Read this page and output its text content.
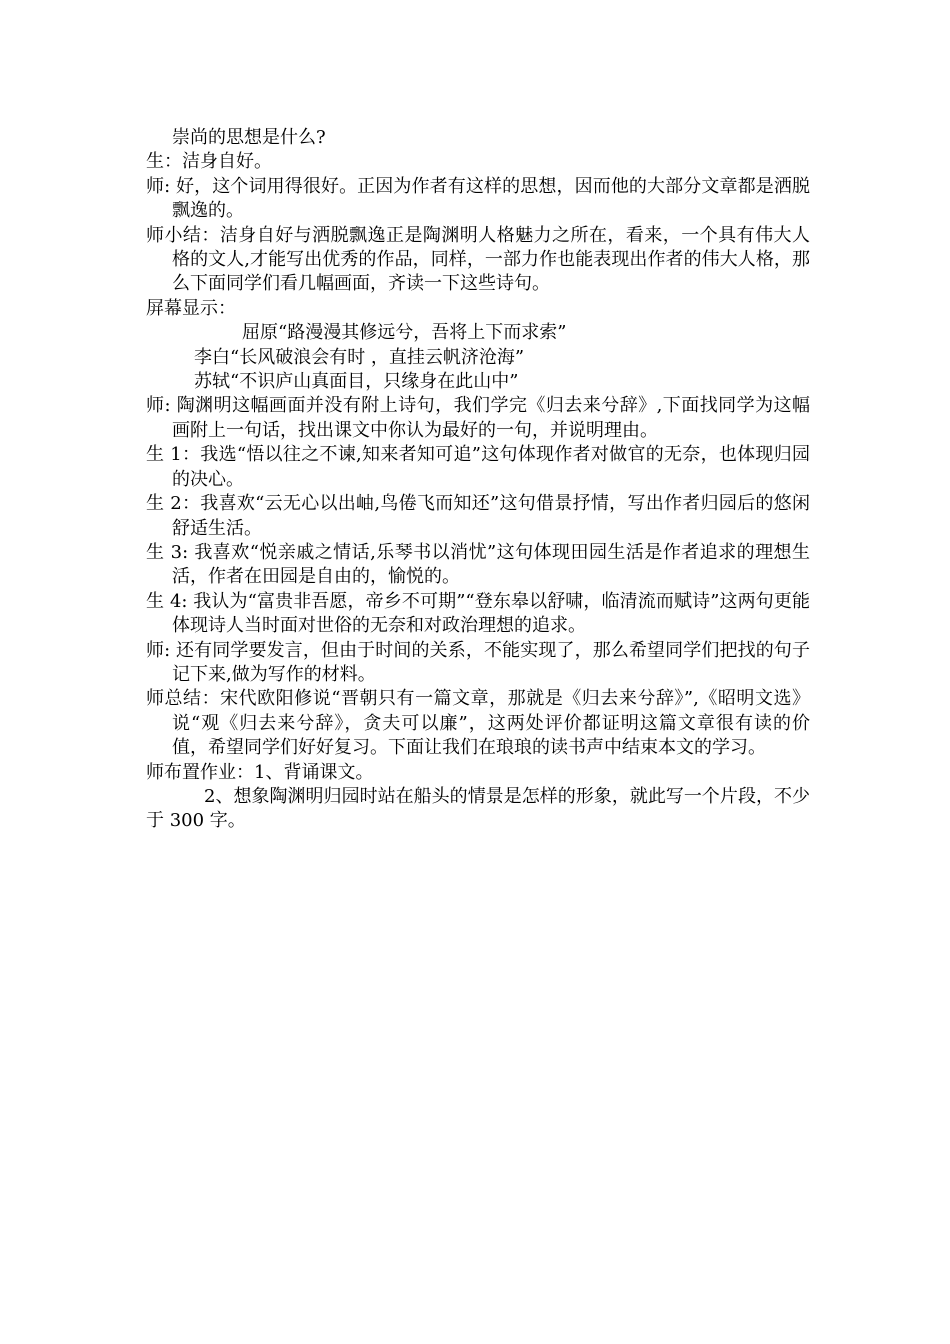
崇尚的思想是什么?

生：洁身自好。

师: 好，这个词用得很好。正因为作者有这样的思想，因而他的大部分文章都是洒脱飘逸的。

师小结：洁身自好与洒脱飘逸正是陶渊明人格魅力之所在，看来，一个具有伟大人格的文人,才能写出优秀的作品，同样，一部力作也能表现出作者的伟大人格，那么下面同学们看几幅画面，齐读一下这些诗句。

屏幕显示：

屈原“路漫漫其修远兮，吾将上下而求索”

李白“长风破浪会有时 ，直挂云帆济沧海”

苏轼“不识庐山真面目，只缘身在此山中”

师: 陶渊明这幅画面并没有附上诗句，我们学完《归去来兮辞》,下面找同学为这幅画附上一句话，找出课文中你认为最好的一句，并说明理由。

生 1：我选“悟以往之不谏,知来者知可追”这句体现作者对做官的无奈，也体现归园的决心。

生 2：我喜欢“云无心以出岫,鸟倦飞而知还”这句借景抒情，写出作者归园后的悠闲舒适生活。

生 3: 我喜欢“悦亲戚之情话,乐琴书以消忧”这句体现田园生活是作者追求的理想生活，作者在田园是自由的，愉悦的。

生 4: 我认为“富贵非吾愿，帝乡不可期”“登东皋以舒啸，临清流而赋诗”这两句更能体现诗人当时面对世俗的无奈和对政治理想的追求。

师: 还有同学要发言，但由于时间的关系，不能实现了，那么希望同学们把找的句子记下来,做为写作的材料。

师总结：宋代欧阳修说“晋朝只有一篇文章，那就是《归去来兮辞》”,《昭明文选》说“观《归去来兮辞》，贪夫可以廉”，这两处评价都证明这篇文章很有读的价值，希望同学们好好复习。下面让我们在琅琅的读书声中结束本文的学习。

师布置作业：1、背诵课文。

2、想象陶渊明归园时站在船头的情景是怎样的形象，就此写一个片段，不少于 300 字。
